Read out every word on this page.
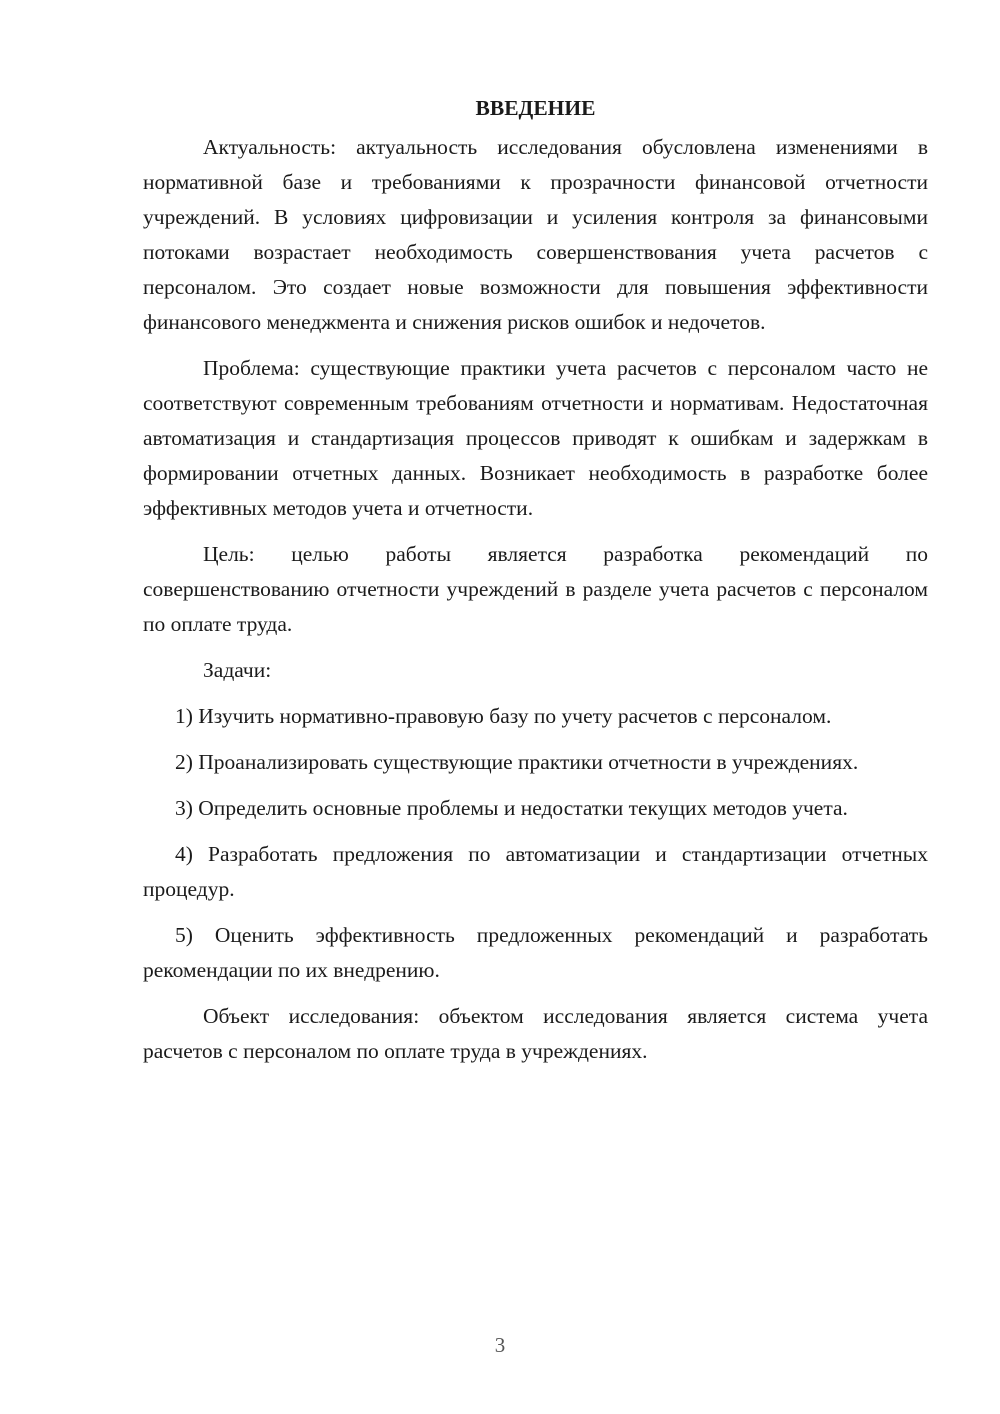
ВВЕДЕНИЕ

Актуальность: актуальность исследования обусловлена изменениями в нормативной базе и требованиями к прозрачности финансовой отчетности учреждений. В условиях цифровизации и усиления контроля за финансовыми потоками возрастает необходимость совершенствования учета расчетов с персоналом. Это создает новые возможности для повышения эффективности финансового менеджмента и снижения рисков ошибок и недочетов.

Проблема: существующие практики учета расчетов с персоналом часто не соответствуют современным требованиям отчетности и нормативам. Недостаточная автоматизация и стандартизация процессов приводят к ошибкам и задержкам в формировании отчетных данных. Возникает необходимость в разработке более эффективных методов учета и отчетности.

Цель: целью работы является разработка рекомендаций по совершенствованию отчетности учреждений в разделе учета расчетов с персоналом по оплате труда.

Задачи:

1) Изучить нормативно-правовую базу по учету расчетов с персоналом.

2) Проанализировать существующие практики отчетности в учреждениях.

3) Определить основные проблемы и недостатки текущих методов учета.

4) Разработать предложения по автоматизации и стандартизации отчетных процедур.

5) Оценить эффективность предложенных рекомендаций и разработать рекомендации по их внедрению.

Объект исследования: объектом исследования является система учета расчетов с персоналом по оплате труда в учреждениях.

3
